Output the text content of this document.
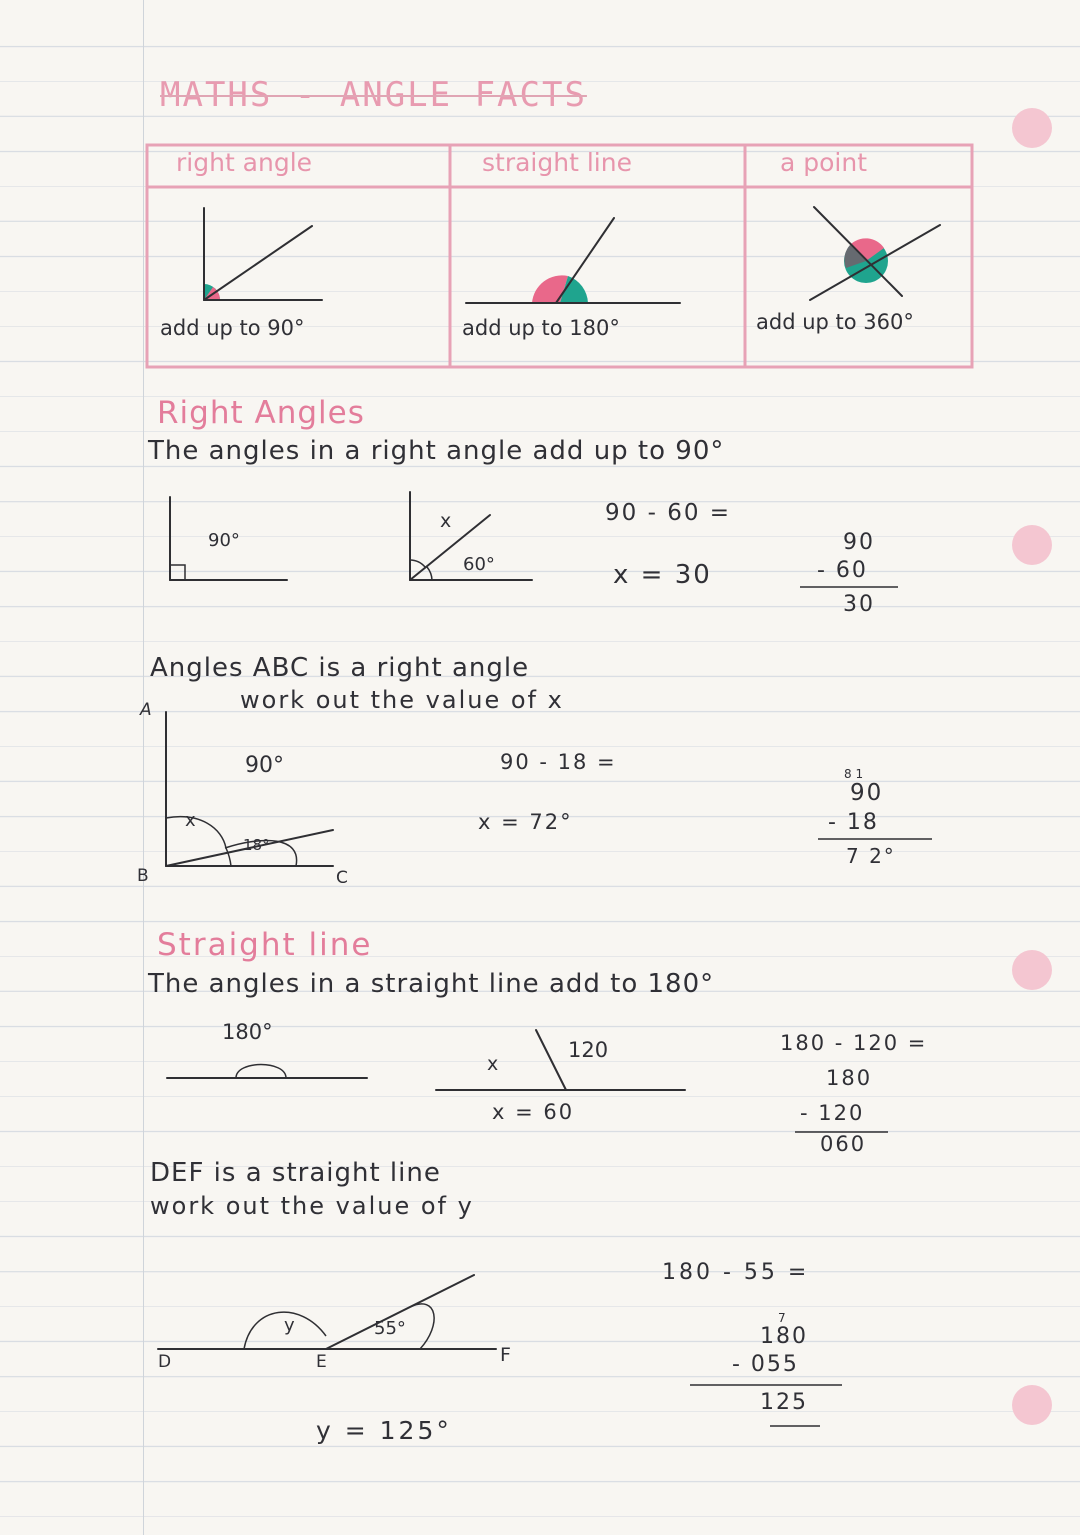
MATHS - ANGLE FACTS
right angle	straight line	a point
add up to 90°	add up to 180°	add up to 360°
Right Angles
The angles in a right angle add up to 90°
90°
x
60°
90 - 60 =
x = 30
90
- 60
30
Angles ABC is a right angle
work out the value of x
A
B	C
90°
x
18°
90 - 18 =
x = 72°
8 1
90
- 18
7 2°
Straight line
The angles in a straight line add to 180°
180°
x
120
x = 60
180 - 120 =
180
- 120
060
DEF is a straight line
work out the value of y
D	E	F
y	55°
180 - 55 =
7
180
- 055
125
y = 125°
